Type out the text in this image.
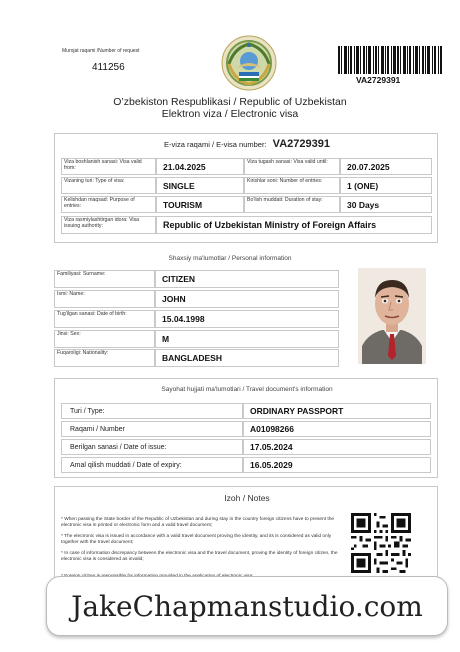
Murojat raqami /Number of request
411256
VA2729391
O’zbekiston Respublikasi / Republic of Uzbekistan
Elektron viza / Electronic visa
E-viza raqami / E-visa number: VA2729391
Viza boshlanish sanasi: Visa valid from:	21.04.2025	Viza tugash sanasi: Visa valid until:	20.07.2025
Vizaning turi: Type of visa:	SINGLE	Kirishlar soni: Number of entries:	1 (ONE)
Kelishdan maqsad: Purpose of entries:	TOURISM	Bo'lish muddati: Duration of stay:	30 Days
Viza rasmiylashtirgan idora: Visa issuing authority:	Republic of Uzbekistan Ministry of Foreign Affairs
Shaxsiy ma'lumotlar / Personal information
Familiyasi: Surname:	CITIZEN
Ismi: Name:	JOHN
Tug'ilgan sanasi: Date of birth:	15.04.1998
Jinsi: Sex:	M
Fuqaroligi: Nationality:	BANGLADESH
Sayohat hujjati ma'lumotlari / Travel document's information
Turi / Type:	ORDINARY PASSPORT
Raqami / Number	A01098266
Berilgan sanasi / Date of issue:	17.05.2024
Amal qilish muddati / Date of expiry:	16.05.2029
Izoh / Notes
* When passing the State border of the Republic of Uzbekistan and during stay in the country foreign citizens have to present the electronic visa in printed or electronic form and a valid travel document;
* The electronic visa is issued in accordance with a valid travel document proving the identity, and its is considered as valid only together with the travel document;
* In case of information discrepancy between the electronic visa and the travel document, proving the identity of foreign citizen, the electronic visa is considered as invalid;
JakeChapmanstudio.com
